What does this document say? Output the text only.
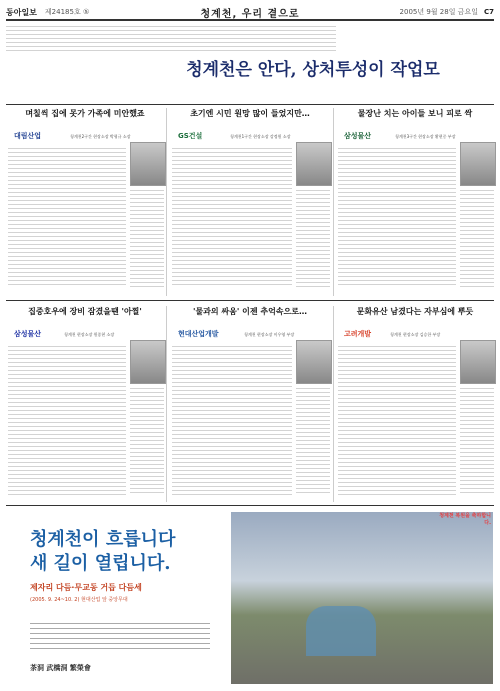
동아일보 제24185호 ⑤	청계천, 우리 곁으로	2005년 9월 28일 금요일 C7
청계천은 안다, 상처투성이 작업모
며칠씩 집에 못가 가족에 미안했죠	초기엔 시민 원망 많이 들었지만…	물장난 치는 아이들 보니 피로 싹
대림산업	청계천2구간 현장소장 박형규 소장	GS건설	청계천1구간 현장소장 강정원 소장	삼성물산	청계천3구간 현장소장 황현중 부장
집중호우에 장비 잠겼을땐 '아찔'	'물과의 싸움' 이젠 추억속으로…	문화유산 남겼다는 자부심에 뿌듯
삼성물산	청계천 현장소장 원종현 소장	현대산업개발	청계천 현장소장 이우영 부장	고려개발	청계천 현장소장 김승한 부장
청계천 복원을 축하합니다.
청계천이 흐릅니다
새 길이 열립니다.
제자리 다듬·무교동 거듭 다듬세
(2005. 9. 24~10. 2) 현대산업 앞 중앙무대
茶洞 武橋洞 繁榮會
